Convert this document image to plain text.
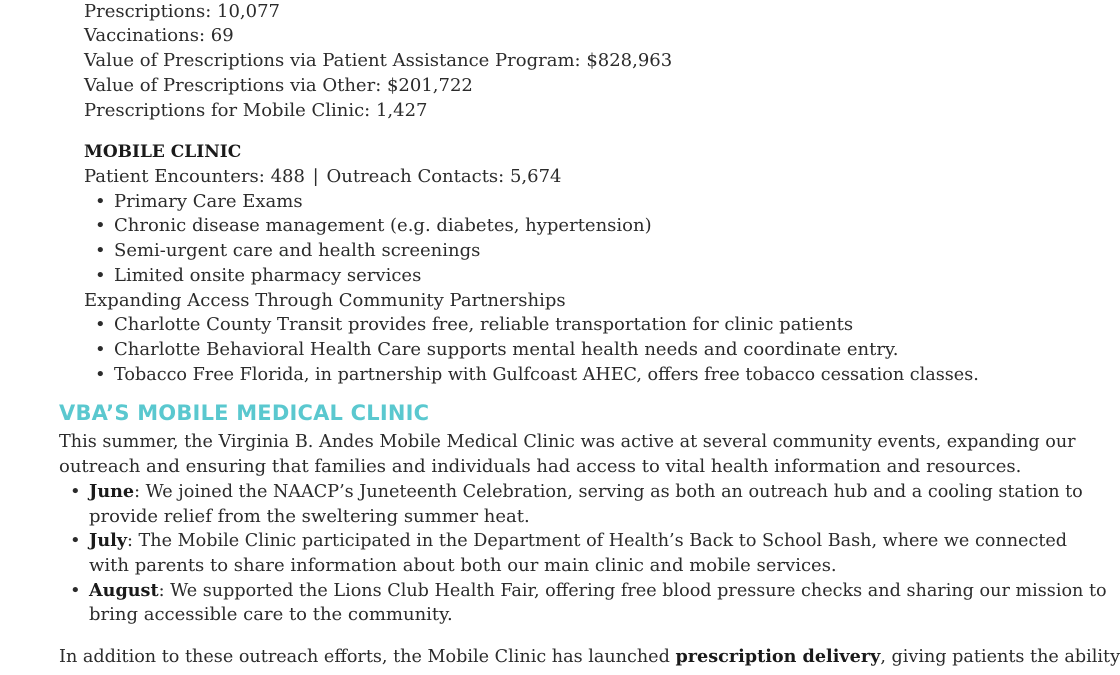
Prescriptions: 10,077
Vaccinations: 69
Value of Prescriptions via Patient Assistance Program: $828,963
Value of Prescriptions via Other: $201,722
Prescriptions for Mobile Clinic: 1,427
MOBILE CLINIC
Patient Encounters: 488 | Outreach Contacts: 5,674
• Primary Care Exams
• Chronic disease management (e.g. diabetes, hypertension)
• Semi-urgent care and health screenings
• Limited onsite pharmacy services
Expanding Access Through Community Partnerships
• Charlotte County Transit provides free, reliable transportation for clinic patients
• Charlotte Behavioral Health Care supports mental health needs and coordinate entry.
• Tobacco Free Florida, in partnership with Gulfcoast AHEC, offers free tobacco cessation classes.
VBA’S MOBILE MEDICAL CLINIC
This summer, the Virginia B. Andes Mobile Medical Clinic was active at several community events, expanding our
outreach and ensuring that families and individuals had access to vital health information and resources.
• June: We joined the NAACP’s Juneteenth Celebration, serving as both an outreach hub and a cooling station to
provide relief from the sweltering summer heat.
• July: The Mobile Clinic participated in the Department of Health’s Back to School Bash, where we connected
with parents to share information about both our main clinic and mobile services.
• August: We supported the Lions Club Health Fair, offering free blood pressure checks and sharing our mission to
bring accessible care to the community.
In addition to these outreach efforts, the Mobile Clinic has launched prescription delivery, giving patients the ability
